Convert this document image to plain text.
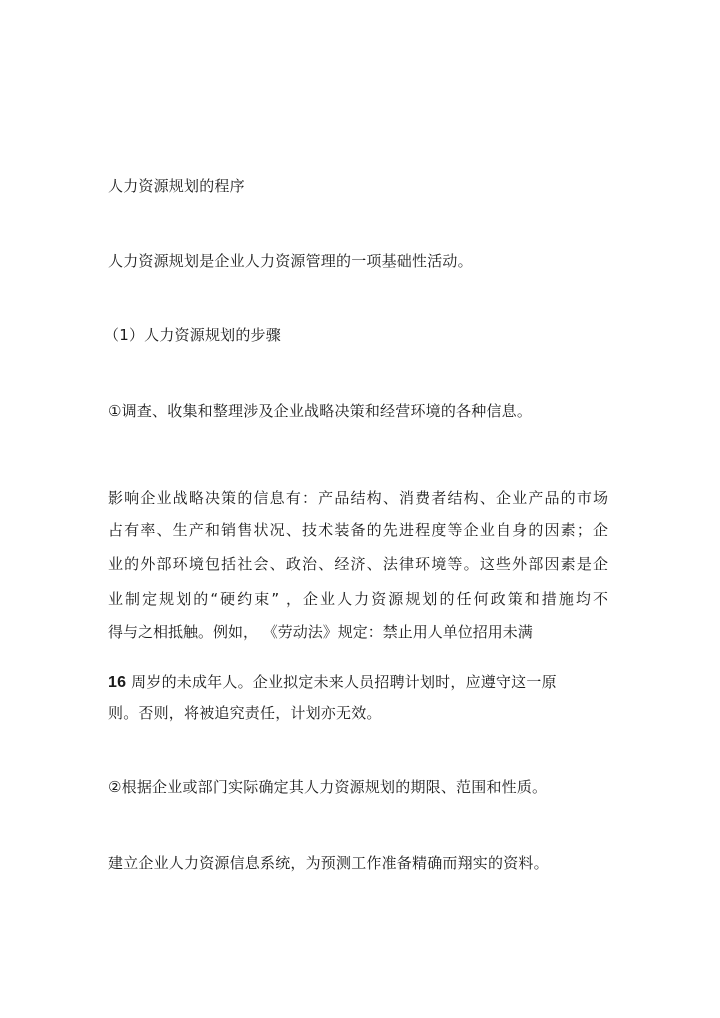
人力资源规划的程序
人力资源规划是企业人力资源管理的一项基础性活动。
（1）人力资源规划的步骤
①调查、收集和整理涉及企业战略决策和经营环境的各种信息。
影响企业战略决策的信息有：产品结构、消费者结构、企业产品的市场
占有率、生产和销售状况、技术装备的先进程度等企业自身的因素；企
业的外部环境包括社会、政治、经济、法律环境等。这些外部因素是企
业制定规划的“硬约束” ，企业人力资源规划的任何政策和措施均不
得与之相抵触。例如， 《劳动法》规定：禁止用人单位招用未满
16 周岁的未成年人。企业拟定未来人员招聘计划时，应遵守这一原
则。否则，将被追究责任，计划亦无效。
②根据企业或部门实际确定其人力资源规划的期限、范围和性质。
建立企业人力资源信息系统，为预测工作准备精确而翔实的资料。
